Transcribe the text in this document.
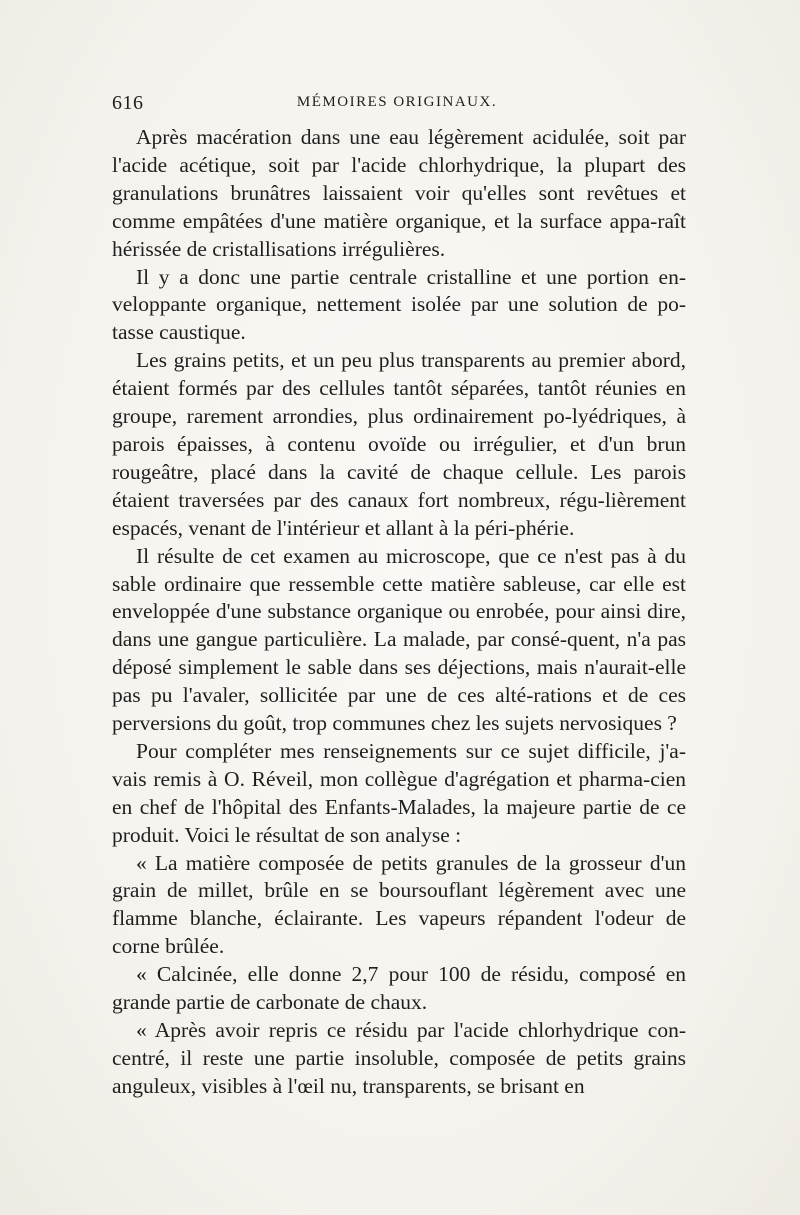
616	MÉMOIRES ORIGINAUX.

Après macération dans une eau légèrement acidulée, soit par l'acide acétique, soit par l'acide chlorhydrique, la plupart des granulations brunâtres laissaient voir qu'elles sont revêtues et comme empâtées d'une matière organique, et la surface appa-raît hérissée de cristallisations irrégulières.

Il y a donc une partie centrale cristalline et une portion en-veloppante organique, nettement isolée par une solution de po-tasse caustique.

Les grains petits, et un peu plus transparents au premier abord, étaient formés par des cellules tantôt séparées, tantôt réunies en groupe, rarement arrondies, plus ordinairement po-lyédriques, à parois épaisses, à contenu ovoïde ou irrégulier, et d'un brun rougeâtre, placé dans la cavité de chaque cellule. Les parois étaient traversées par des canaux fort nombreux, régu-lièrement espacés, venant de l'intérieur et allant à la péri-phérie.

Il résulte de cet examen au microscope, que ce n'est pas à du sable ordinaire que ressemble cette matière sableuse, car elle est enveloppée d'une substance organique ou enrobée, pour ainsi dire, dans une gangue particulière. La malade, par consé-quent, n'a pas déposé simplement le sable dans ses déjections, mais n'aurait-elle pas pu l'avaler, sollicitée par une de ces alté-rations et de ces perversions du goût, trop communes chez les sujets nervosiques ?

Pour compléter mes renseignements sur ce sujet difficile, j'a-vais remis à O. Réveil, mon collègue d'agrégation et pharma-cien en chef de l'hôpital des Enfants-Malades, la majeure partie de ce produit. Voici le résultat de son analyse :

« La matière composée de petits granules de la grosseur d'un grain de millet, brûle en se boursouflant légèrement avec une flamme blanche, éclairante. Les vapeurs répandent l'odeur de corne brûlée.

« Calcinée, elle donne 2,7 pour 100 de résidu, composé en grande partie de carbonate de chaux.

« Après avoir repris ce résidu par l'acide chlorhydrique con-centré, il reste une partie insoluble, composée de petits grains anguleux, visibles à l'œil nu, transparents, se brisant en
